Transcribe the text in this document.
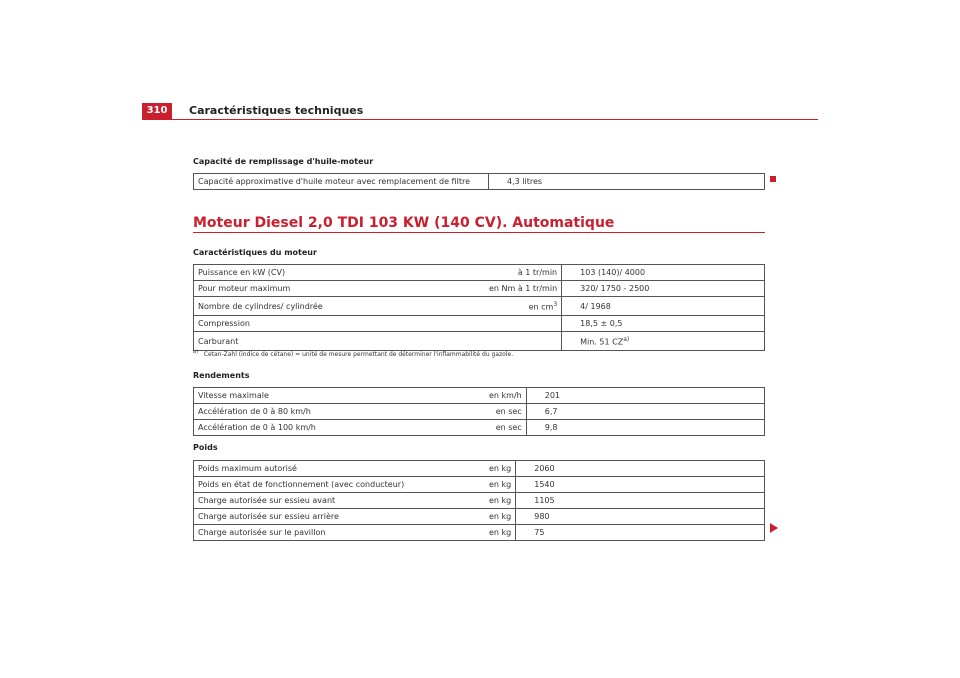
310	Caractéristiques techniques
Capacité de remplissage d'huile-moteur
Capacité approximative d'huile moteur avec remplacement de filtre	4,3 litres
Moteur Diesel 2,0 TDI 103 KW (140 CV). Automatique
Caractéristiques du moteur
Puissance en kW (CV)	à 1 tr/min	103 (140)/ 4000
Pour moteur maximum	en Nm à 1 tr/min	320/ 1750 - 2500
Nombre de cylindres/ cylindrée	en $cm^3$	4/ 1968
Compression		18,5 ± 0,5
Carburant		Min. 51 CZ$^{a)}$
$^{a)}$ Cetan-Zahl (indice de cétane) = unité de mesure permettant de déterminer l'inflammabilité du gazole.
Rendements
Vitesse maximale	en km/h	201
Accélération de 0 à 80 km/h	en sec	6,7
Accélération de 0 à 100 km/h	en sec	9,8
Poids
Poids maximum autorisé	en kg	2060
Poids en état de fonctionnement (avec conducteur)	en kg	1540
Charge autorisée sur essieu avant	en kg	1105
Charge autorisée sur essieu arrière	en kg	980
Charge autorisée sur le pavillon	en kg	75
